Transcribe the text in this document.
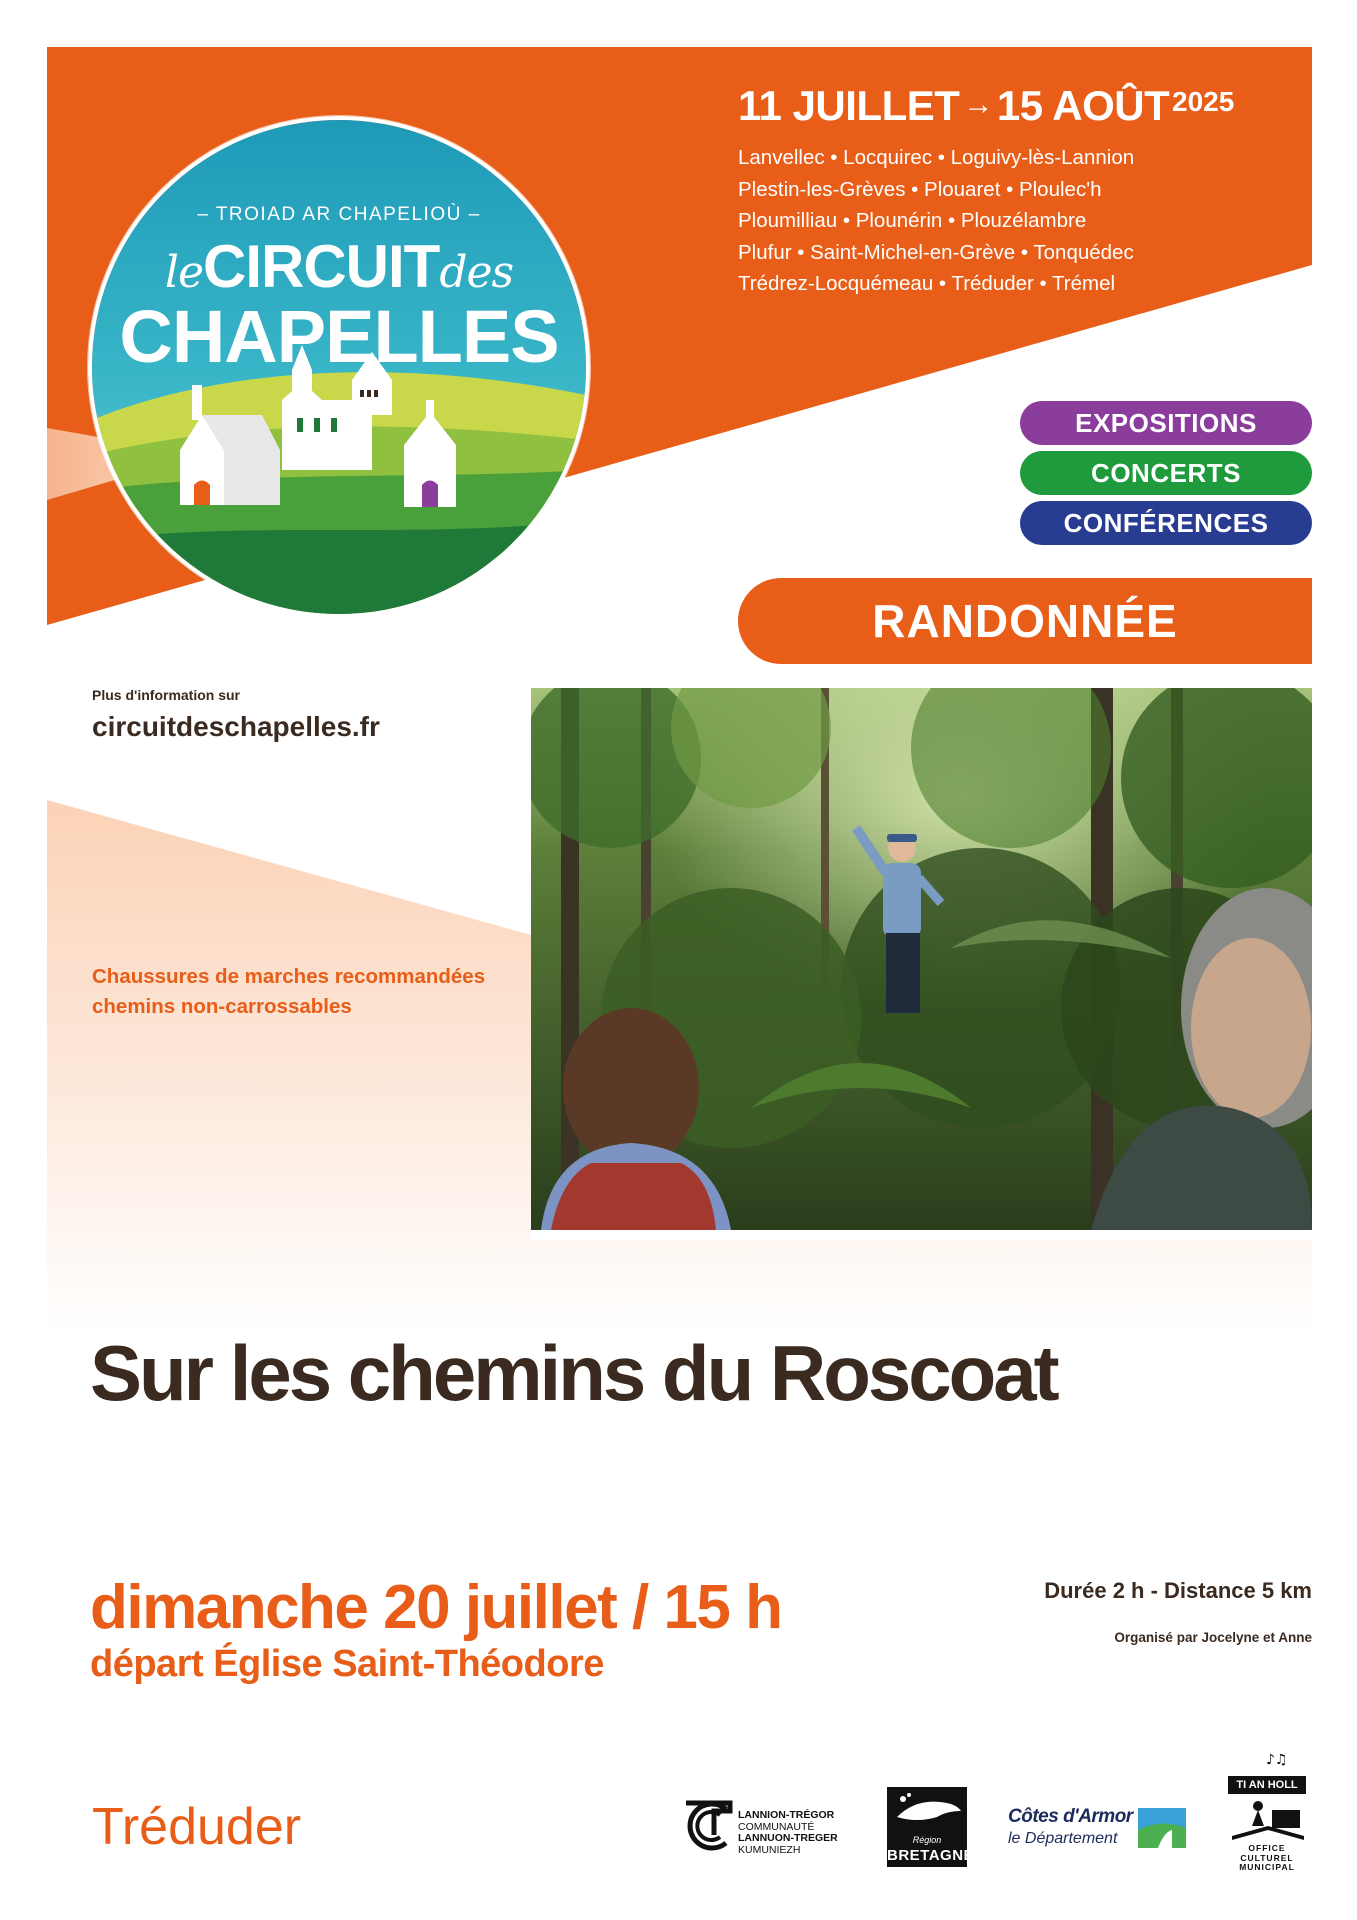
11 JUILLET →15 AOÛT 2025
Lanvellec • Locquirec • Loguivy-lès-Lannion
Plestin-les-Grèves • Plouaret • Ploulec'h
Ploumilliau • Plounérin • Plouzélambre
Plufur • Saint-Michel-en-Grève • Tonquédec
Trédrez-Locquémeau • Tréduder • Trémel
– TROIAD AR CHAPELIOÙ –
leCIRCUITdes
CHAPELLES
EXPOSITIONS
CONCERTS
CONFÉRENCES
RANDONNÉE
Plus d'information sur
circuitdeschapelles.fr
Chaussures de marches recommandées
chemins non-carrossables
Sur les chemins du Roscoat
dimanche 20 juillet / 15 h
départ Église Saint-Théodore
Durée 2 h - Distance 5 km
Organisé par Jocelyne et Anne
Tréduder	LANNION-TRÉGOR
COMMUNAUTÉ
LANNUON-TREGER
KUMUNIEZH
Région
BRETAGNE
Côtes d'Armor
le Département
♪♫
TI AN HOLL
OFFICE
CULTUREL
MUNICIPAL
